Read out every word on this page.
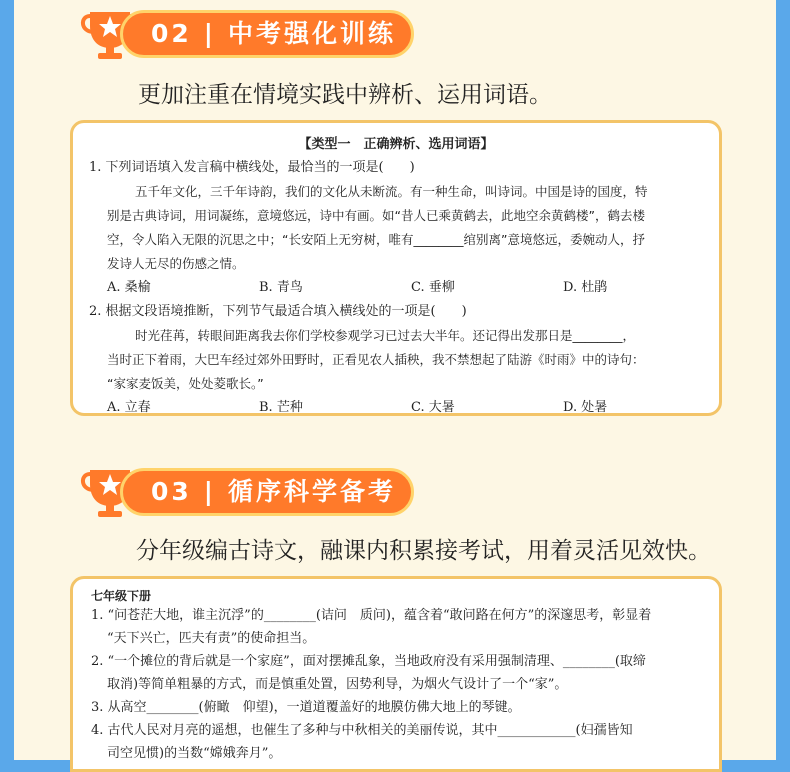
02 | 中考强化训练
更加注重在情境实践中辨析、运用词语。
【类型一　正确辨析、选用词语】
1. 下列词语填入发言稿中横线处，最恰当的一项是(　　)
五千年文化，三千年诗韵，我们的文化从未断流。有一种生命，叫诗词。中国是诗的国度，特
别是古典诗词，用词凝练，意境悠远，诗中有画。如“昔人已乘黄鹤去，此地空余黄鹤楼”，鹤去楼
空，令人陷入无限的沉思之中；“长安陌上无穷树，唯有________绾别离”意境悠远，委婉动人，抒
发诗人无尽的伤感之情。
A. 桑榆	B. 青鸟	C. 垂柳	D. 杜鹃
2. 根据文段语境推断，下列节气最适合填入横线处的一项是(　　)
时光荏苒，转眼间距离我去你们学校参观学习已过去大半年。还记得出发那日是________，
当时正下着雨，大巴车经过郊外田野时，正看见农人插秧，我不禁想起了陆游《时雨》中的诗句：
“家家麦饭美，处处菱歌长。”
A. 立春	B. 芒种	C. 大暑	D. 处暑
03 | 循序科学备考
分年级编古诗文，融课内积累接考试，用着灵活见效快。
七年级下册
1. “问苍茫大地，谁主沉浮”的________(诘问　质问)，蕴含着“敢问路在何方”的深邃思考，彰显着
“天下兴亡，匹夫有责”的使命担当。
2. “一个摊位的背后就是一个家庭”，面对摆摊乱象，当地政府没有采用强制清理、________(取缔
取消)等简单粗暴的方式，而是慎重处置，因势利导，为烟火气设计了一个“家”。
3. 从高空________(俯瞰　仰望)，一道道覆盖好的地膜仿佛大地上的琴键。
4. 古代人民对月亮的遥想，也催生了多种与中秋相关的美丽传说，其中____________(妇孺皆知
司空见惯)的当数“嫦娥奔月”。
